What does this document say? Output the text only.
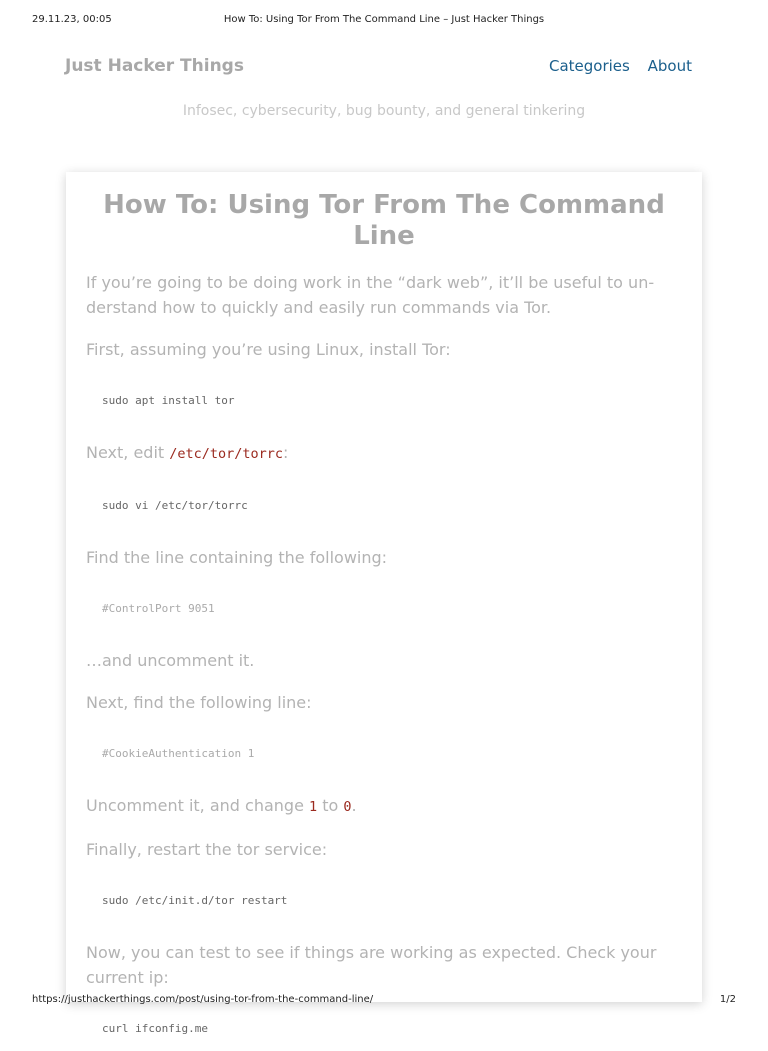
29.11.23, 00:05	How To: Using Tor From The Command Line – Just Hacker Things
Just Hacker Things	Categories About
Infosec, cybersecurity, bug bounty, and general tinkering
How To: Using Tor From The Command Line

If you’re going to be doing work in the “dark web”, it’ll be useful to un-derstand how to quickly and easily run commands via Tor.

First, assuming you’re using Linux, install Tor:

sudo apt install tor

Next, edit /etc/tor/torrc:

sudo vi /etc/tor/torrc

Find the line containing the following:

#ControlPort 9051

…and uncomment it.

Next, find the following line:

#CookieAuthentication 1

Uncomment it, and change 1 to 0.

Finally, restart the tor service:

sudo /etc/init.d/tor restart

Now, you can test to see if things are working as expected. Check your current ip:

curl ifconfig.me
https://justhackerthings.com/post/using-tor-from-the-command-line/	1/2
